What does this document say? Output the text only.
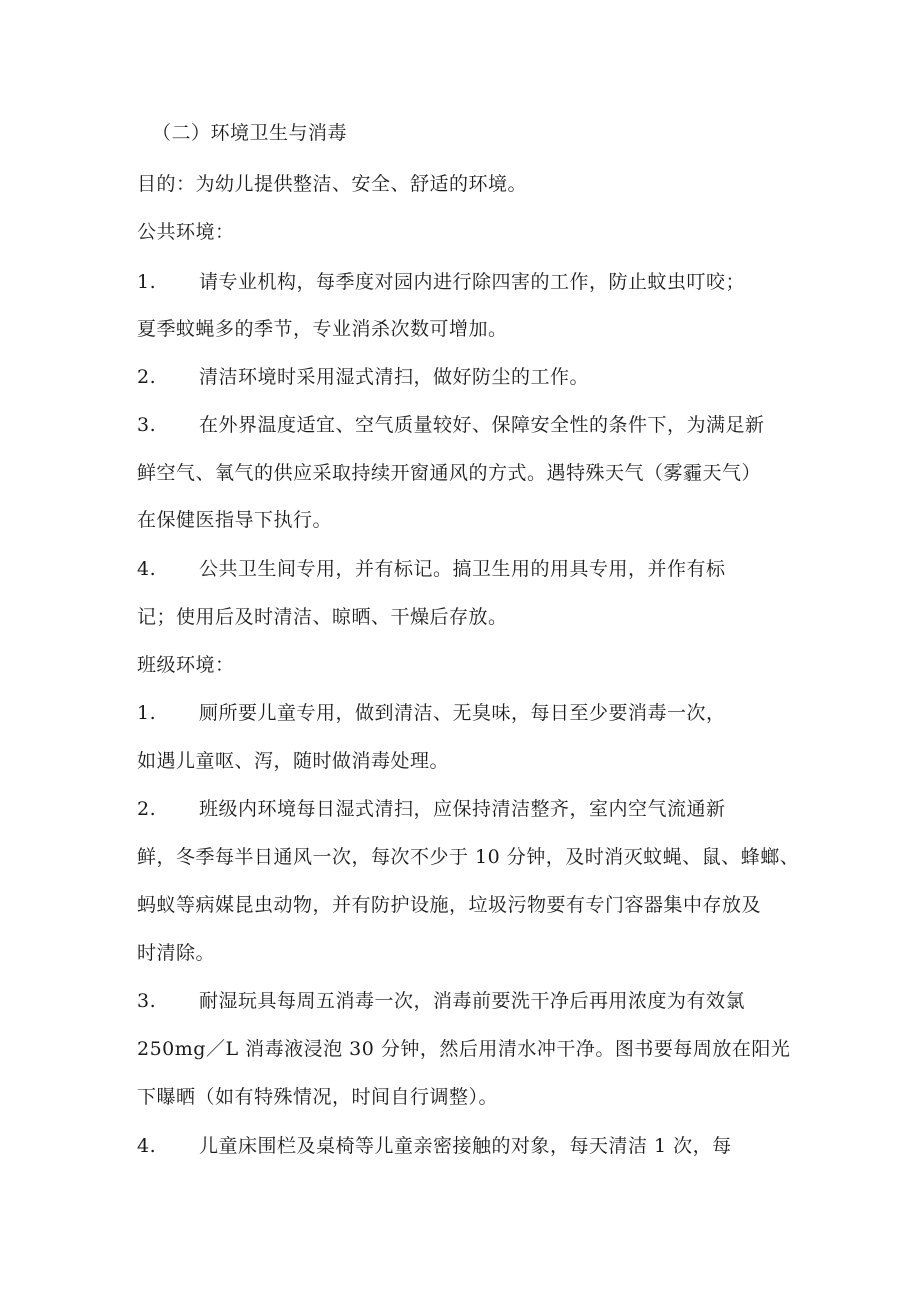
（二）环境卫生与消毒
目的：为幼儿提供整洁、安全、舒适的环境。
公共环境：
1. 请专业机构，每季度对园内进行除四害的工作，防止蚊虫叮咬；
夏季蚊蝇多的季节，专业消杀次数可增加。
2. 清洁环境时采用湿式清扫，做好防尘的工作。
3. 在外界温度适宜、空气质量较好、保障安全性的条件下，为满足新
鲜空气、氧气的供应采取持续开窗通风的方式。遇特殊天气（雾霾天气）
在保健医指导下执行。
4. 公共卫生间专用，并有标记。搞卫生用的用具专用，并作有标
记；使用后及时清洁、晾晒、干燥后存放。
班级环境：
1. 厕所要儿童专用，做到清洁、无臭味，每日至少要消毒一次，
如遇儿童呕、泻，随时做消毒处理。
2. 班级内环境每日湿式清扫，应保持清洁整齐，室内空气流通新
鲜，冬季每半日通风一次，每次不少于 10 分钟，及时消灭蚊蝇、鼠、蜂螂、
蚂蚁等病媒昆虫动物，并有防护设施，垃圾污物要有专门容器集中存放及
时清除。
3. 耐湿玩具每周五消毒一次，消毒前要洗干净后再用浓度为有效氯
250mg／L 消毒液浸泡 30 分钟，然后用清水冲干净。图书要每周放在阳光
下曝晒（如有特殊情况，时间自行调整）。
4. 儿童床围栏及桌椅等儿童亲密接触的对象，每天清洁 1 次，每
